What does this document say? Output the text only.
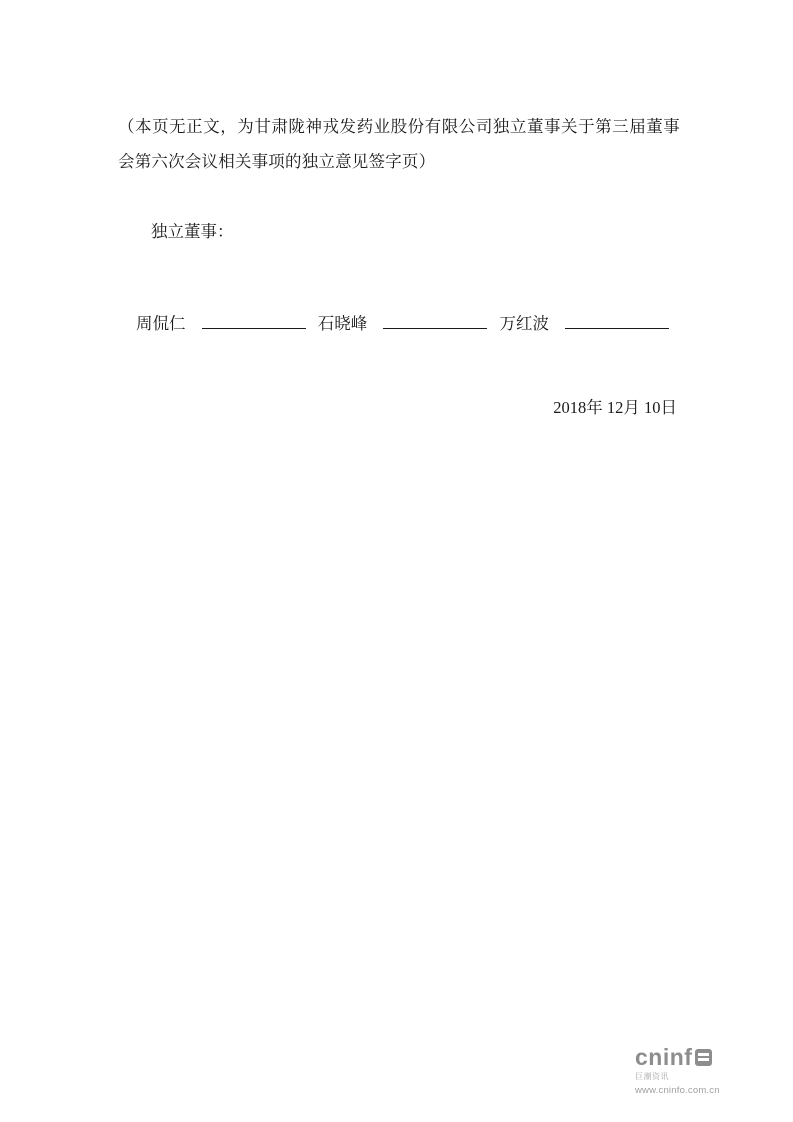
（本页无正文，为甘肃陇神戎发药业股份有限公司独立董事关于第三届董事会第六次会议相关事项的独立意见签字页）

独立董事：
周侃仁	石晓峰	万红波
2018年 12月 10日
cninf
巨潮资讯
www.cninfo.com.cn
